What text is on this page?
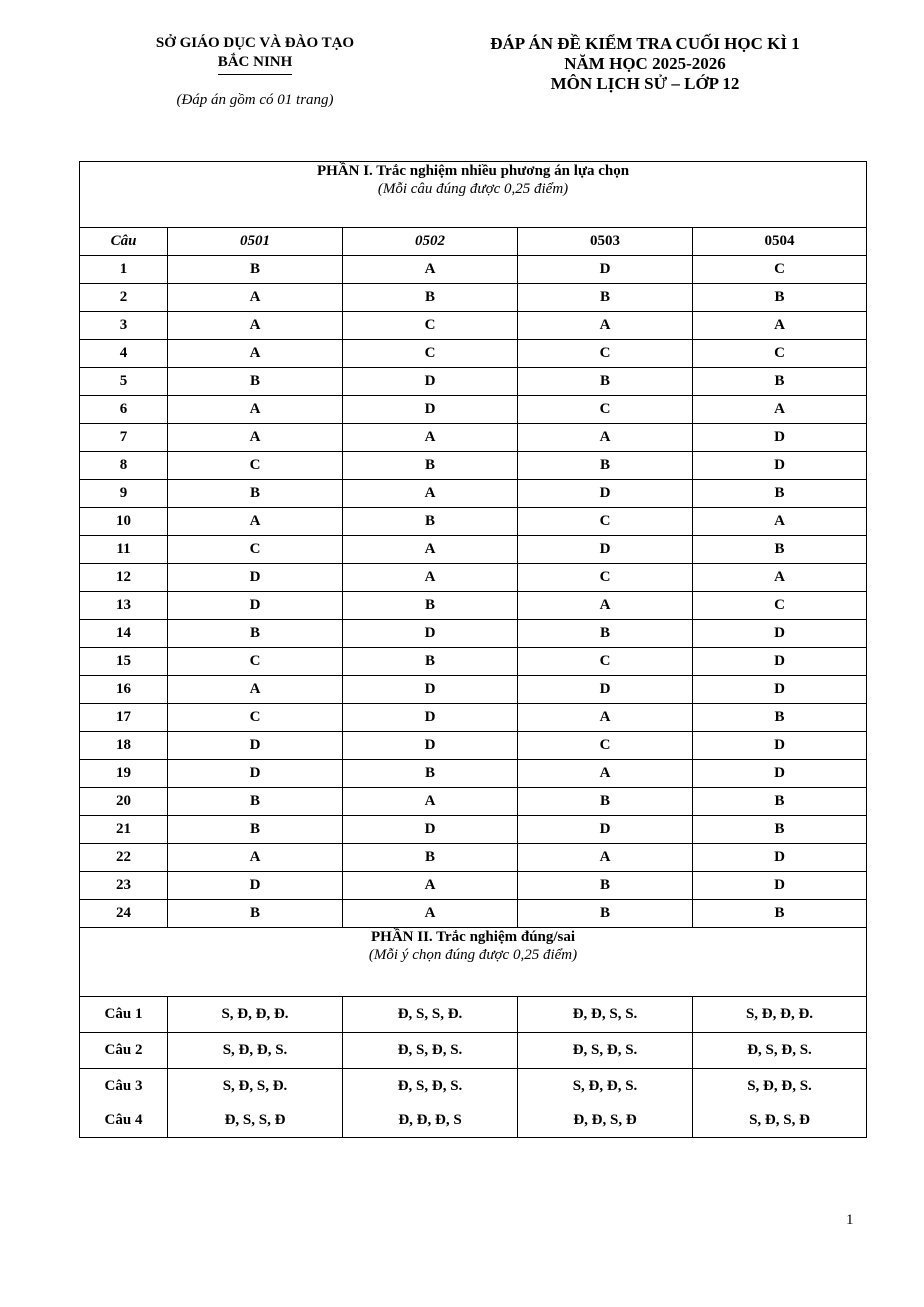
SỞ GIÁO DỤC VÀ ĐÀO TẠO
BẮC NINH
(Đáp án gồm có 01 trang)
ĐÁP ÁN ĐỀ KIỂM TRA CUỐI HỌC KÌ 1
NĂM HỌC 2025-2026
MÔN LỊCH SỬ – LỚP 12
PHẦN I. Trắc nghiệm nhiều phương án lựa chọn
(Mỗi câu đúng được 0,25 điểm)				

Câu	0501	0502	0503	0504
1	B	A	D	C
2	A	B	B	B
3	A	C	A	A
4	A	C	C	C
5	B	D	B	B
6	A	D	C	A
7	A	A	A	D
8	C	B	B	D
9	B	A	D	B
10	A	B	C	A
11	C	A	D	B
12	D	A	C	A
13	D	B	A	C
14	B	D	B	D
15	C	B	C	D
16	A	D	D	D
17	C	D	A	B
18	D	D	C	D
19	D	B	A	D
20	B	A	B	B
21	B	D	D	B
22	A	B	A	D
23	D	A	B	D
24	B	A	B	B

PHẦN II. Trắc nghiệm đúng/sai
(Mỗi ý chọn đúng được 0,25 điểm)				

Câu 1	S, Đ, Đ, Đ.	Đ, S, S, Đ.	Đ, Đ, S, S.	S, Đ, Đ, Đ.
Câu 2	S, Đ, Đ, S.	Đ, S, Đ, S.	Đ, S, Đ, S.	Đ, S, Đ, S.
Câu 3	S, Đ, S, Đ.	Đ, S, Đ, S.	S, Đ, Đ, S.	S, Đ, Đ, S.
Câu 4	Đ, S, S, Đ	Đ, Đ, Đ, S	Đ, Đ, S, Đ	S, Đ, S, Đ
1
